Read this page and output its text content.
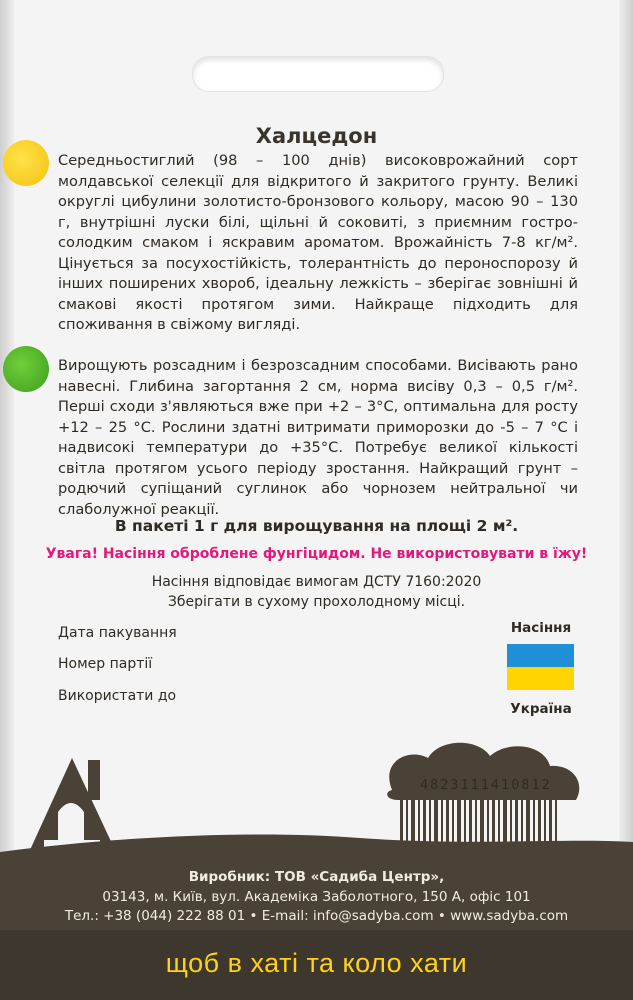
Халцедон
Середньостиглий (98 – 100 днів) високоврожайний сорт молдавської селекції для відкритого й закритого грунту. Великі округлі цибулини золотисто-бронзового кольору, масою 90 – 130 г, внутрішні луски білі, щільні й соковиті, з приємним гостро-солодким смаком і яскравим ароматом. Врожайність 7-8 кг/м². Цінується за посухостійкість, толерантність до пероноспорозу й інших поширених хвороб, ідеальну лежкість – зберігає зовнішні й смакові якості протягом зими. Найкраще підходить для споживання в свіжому вигляді.
Вирощують розсадним і безрозсадним способами. Висівають рано навесні. Глибина загортання 2 см, норма висіву 0,3 – 0,5 г/м². Перші сходи з'являються вже при +2 – 3°С, оптимальна для росту +12 – 25 °С. Рослини здатні витримати приморозки до -5 – 7 °С і надвисокі температури до +35°С. Потребує великої кількості світла протягом усього періоду зростання. Найкращий грунт – родючий супіщаний суглинок або чорнозем нейтральної чи слаболужної реакції.
В пакеті 1 г для вирощування на площі 2 м².
Увага! Насіння оброблене фунгіцидом. Не використовувати в їжу!
Насіння відповідає вимогам ДСТУ 7160:2020
Зберігати в сухому прохолодному місці.
Дата пакування
Номер партії
Використати до
Насіння
Україна
4823111410812
Виробник: ТОВ «Садиба Центр»,
03143, м. Київ, вул. Академіка Заболотного, 150 А, офіс 101
Тел.: +38 (044) 222 88 01 • E-mail: info@sadyba.com • www.sadyba.com
щоб в хаті та коло хати
